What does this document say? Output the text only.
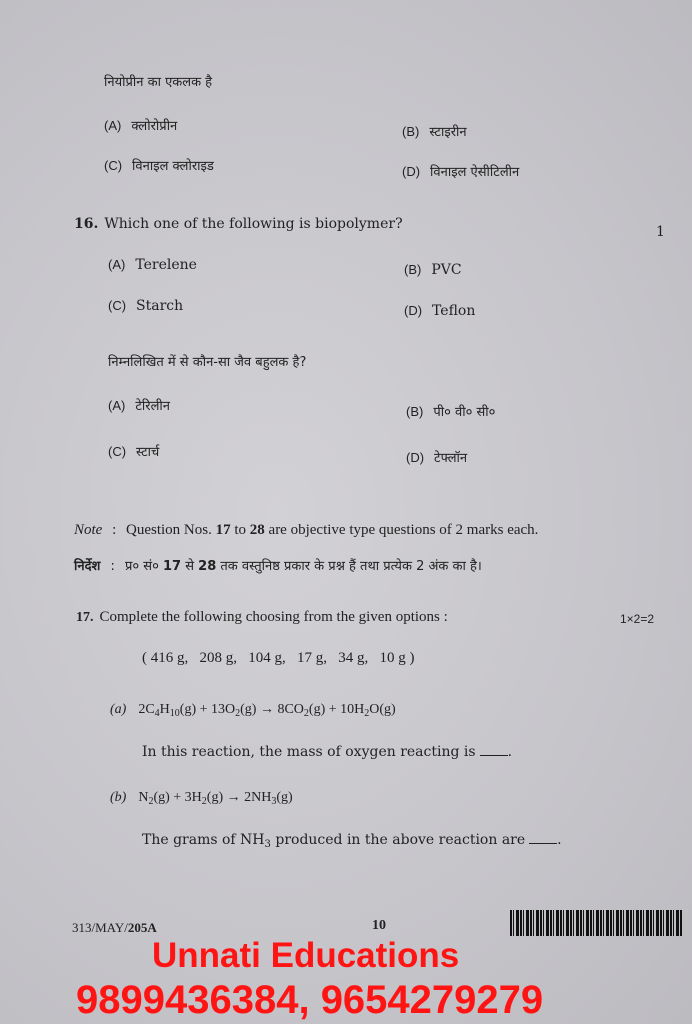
नियोप्रीन का एकलक है
(A) क्लोरोप्रीन	(B) स्टाइरीन
(C) विनाइल क्लोराइड	(D) विनाइल ऐसीटिलीन
16. Which one of the following is biopolymer?	1
(A) Terelene	(B) PVC
(C) Starch	(D) Teflon
निम्नलिखित में से कौन-सा जैव बहुलक है?
(A) टेरिलीन	(B) पी० वी० सी०
(C) स्टार्च	(D) टेफ्लॉन
Note : Question Nos. 17 to 28 are objective type questions of 2 marks each.
निर्देश : प्र० सं० 17 से 28 तक वस्तुनिष्ठ प्रकार के प्रश्न हैं तथा प्रत्येक 2 अंक का है।
17. Complete the following choosing from the given options :	1×2=2
( 416 g,   208 g,   104 g,   17 g,   34 g,   10 g )
(a) $2C_4H_{10}(g) + 13O_2(g) \to 8CO_2(g) + 10H_2O(g)$
In this reaction, the mass of oxygen reacting is .
(b) $N_2(g) + 3H_2(g) \to 2NH_3(g)$
The grams of $NH_3$ produced in the above reaction are .
313/MAY/205A	10
Unnati Educations
9899436384, 9654279279
